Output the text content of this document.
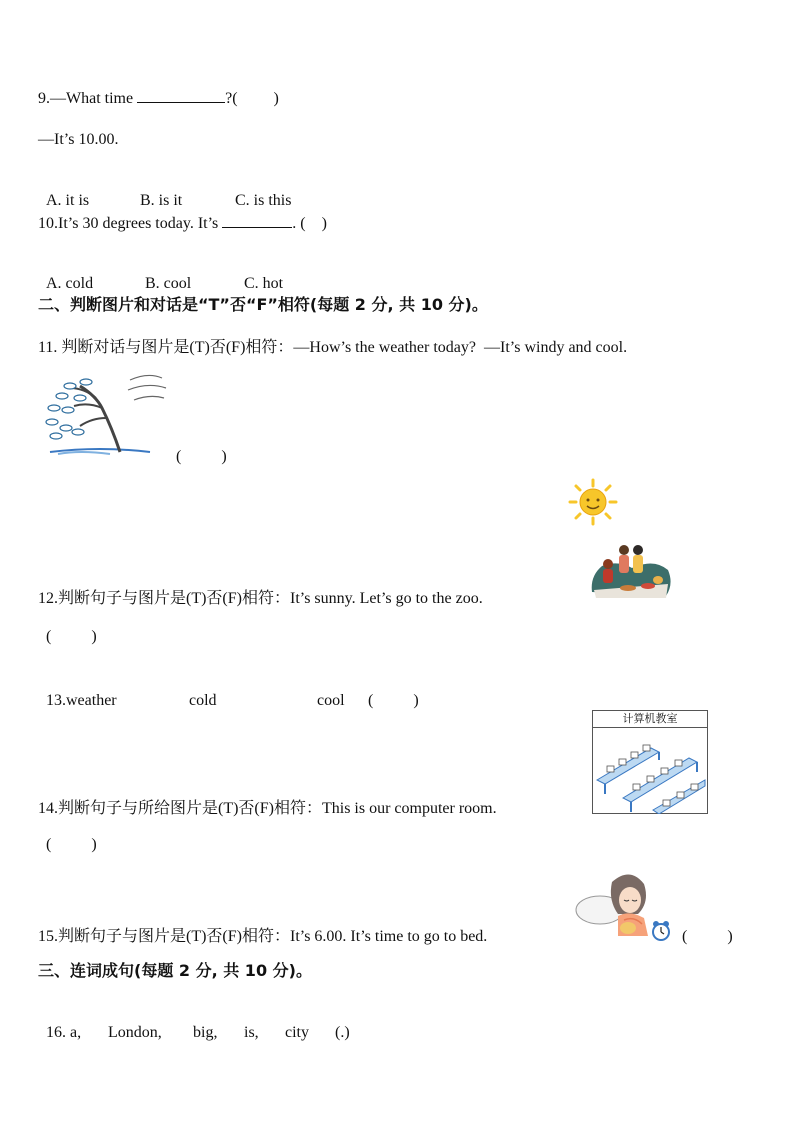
9.—What time	?( )
—It’s 10.00.

A. it is	B. is it	C. is this

10.It’s 30 degrees today. It’s	. ( )

A. cold	B. cool	C. hot

二、判断图片和对话是“T”否“F”相符(每题 2 分, 共 10 分)。
11. 判断对话与图片是(T)否(F)相符：—How’s the weather today?  —It’s windy and cool.
(          )
12.判断句子与图片是(T)否(F)相符：It’s sunny. Let’s go to the zoo.
(          )

13.weather	cold	cool (          )

计算机教室
14.判断句子与所给图片是(T)否(F)相符：This is our computer room.
(          )
15.判断句子与图片是(T)否(F)相符：It’s 6.00. It’s time to go to bed.	(          )
三、连词成句(每题 2 分, 共 10 分)。

16. a, London, big, is, city (.)
